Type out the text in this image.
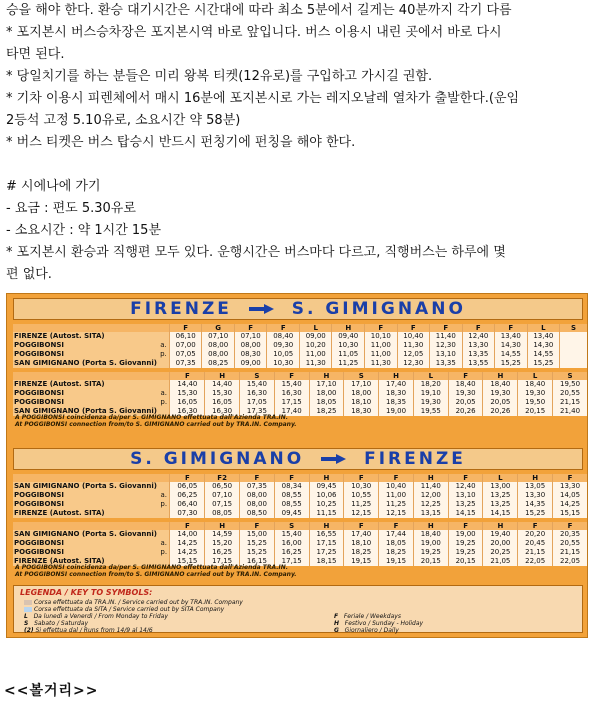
승을 해야 한다. 환승 대기시간은 시간대에 따라 최소 5분에서 길게는 40분까지 각기 다름
* 포지본시 버스승차장은 포지본시역 바로 앞입니다. 버스 이용시 내린 곳에서 바로 다시
타면 된다.
* 당일치기를 하는 분들은 미리 왕복 티켓(12유로)를 구입하고 가시길 권함.
* 기차 이용시 피렌체에서 매시 16분에 포지본시로 가는 레지오날레 열차가 출발한다.(운임
2등석 고정 5.10유로, 소요시간 약 58분)
* 버스 티켓은 버스 탑승시 반드시 펀칭기에 펀칭을 해야 한다.
# 시에나에 가기
- 요금 : 편도 5.30유로
- 소요시간 : 약 1시간 15분
* 포지본시 환승과 직행편 모두 있다. 운행시간은 버스마다 다르고, 직행버스는 하루에 몇
편 없다.
FIRENZE	S. GIMIGNANO
		F	G	F	F	L	H	F	F	F	F	F	L	S
FIRENZE (Autost. SITA)		06,10	07,10	07,10	08,40	09,00	09,40	10,10	10,40	11,40	12,40	13,40	13,40	
POGGIBONSI	a.	07,00	08,00	08,00	09,30	10,20	10,30	11,00	11,30	12,30	13,30	14,30	14,30	
POGGIBONSI	p.	07,05	08,00	08,30	10,05	11,00	11,05	11,00	12,05	13,10	13,35	14,55	14,55	
SAN GIMIGNANO (Porta S. Giovanni)		07,35	08,25	09,00	10,30	11,30	11,25	11,30	12,30	13,35	13,55	15,25	15,25	
		F	H	S	F	H	S	H	L	F	H	L	S
FIRENZE (Autost. SITA)		14,40	14,40	15,40	15,40	17,10	17,10	17,40	18,20	18,40	18,40	18,40	19,50
POGGIBONSI	a.	15,30	15,30	16,30	16,30	18,00	18,00	18,30	19,10	19,30	19,30	19,30	20,55
POGGIBONSI	p.	16,05	16,05	17,05	17,15	18,05	18,10	18,35	19,30	20,05	20,05	19,50	21,15
SAN GIMIGNANO (Porta S. Giovanni)		16,30	16,30	17,35	17,40	18,25	18,30	19,00	19,55	20,26	20,26	20,15	21,40
A POGGIBONSI coincidenza da/per S. GIMIGNANO effettuata dall'Azienda TRA.IN.
At POGGIBONSI connection from/to S. GIMIGNANO carried out by TRA.IN. Company.
S. GIMIGNANO	FIRENZE
		F	F2	F	F	H	F	F	H	F	L	H	F
SAN GIMIGNANO (Porta S. Giovanni)		06,05	06,50	07,35	08,34	09,45	10,30	10,40	11,40	12,40	13,00	13,05	13,30
POGGIBONSI	a.	06,25	07,10	08,00	08,55	10,06	10,55	11,00	12,00	13,10	13,25	13,30	14,05
POGGIBONSI	p.	06,40	07,15	08,00	08,55	10,25	11,25	11,25	12,25	13,25	13,25	14,35	14,25
FIRENZE (Autost. SITA)		07,30	08,05	08,50	09,45	11,15	12,15	12,15	13,15	14,15	14,15	15,25	15,15
		F	H	F	S	H	F	F	H	F	H	F	F
SAN GIMIGNANO (Porta S. Giovanni)		14,00	14,59	15,00	15,40	16,55	17,40	17,44	18,40	19,00	19,40	20,20	20,35
POGGIBONSI	a.	14,25	15,20	15,25	16,00	17,15	18,10	18,05	19,00	19,25	20,00	20,45	20,55
POGGIBONSI	p.	14,25	16,25	15,25	16,25	17,25	18,25	18,25	19,25	19,25	20,25	21,15	21,15
FIRENZE (Autost. SITA)		15,15	17,15	16,15	17,15	18,15	19,15	19,15	20,15	20,15	21,05	22,05	22,05
A POGGIBONSI coincidenza da/per S. GIMIGNANO effettuata dall'Azienda TRA.IN.
At POGGIBONSI connection from/to S. GIMIGNANO carried out by TRA.IN. Company.
LEGENDA / KEY TO SYMBOLS:
Corsa effettuata da TRA.IN. / Service carried out by TRA.IN. Company
Corsa effettuata da SITA / Service carried out by SITA Company
L Da lunedì a Venerdì / From Monday to Friday
S Sabato / Saturday
(2) Si effettua dal / Runs from 14/9 al 14/6
F Feriale / Weekdays
H Festivo / Sunday - Holiday
G Giornaliero / Daily
<<볼거리>>
